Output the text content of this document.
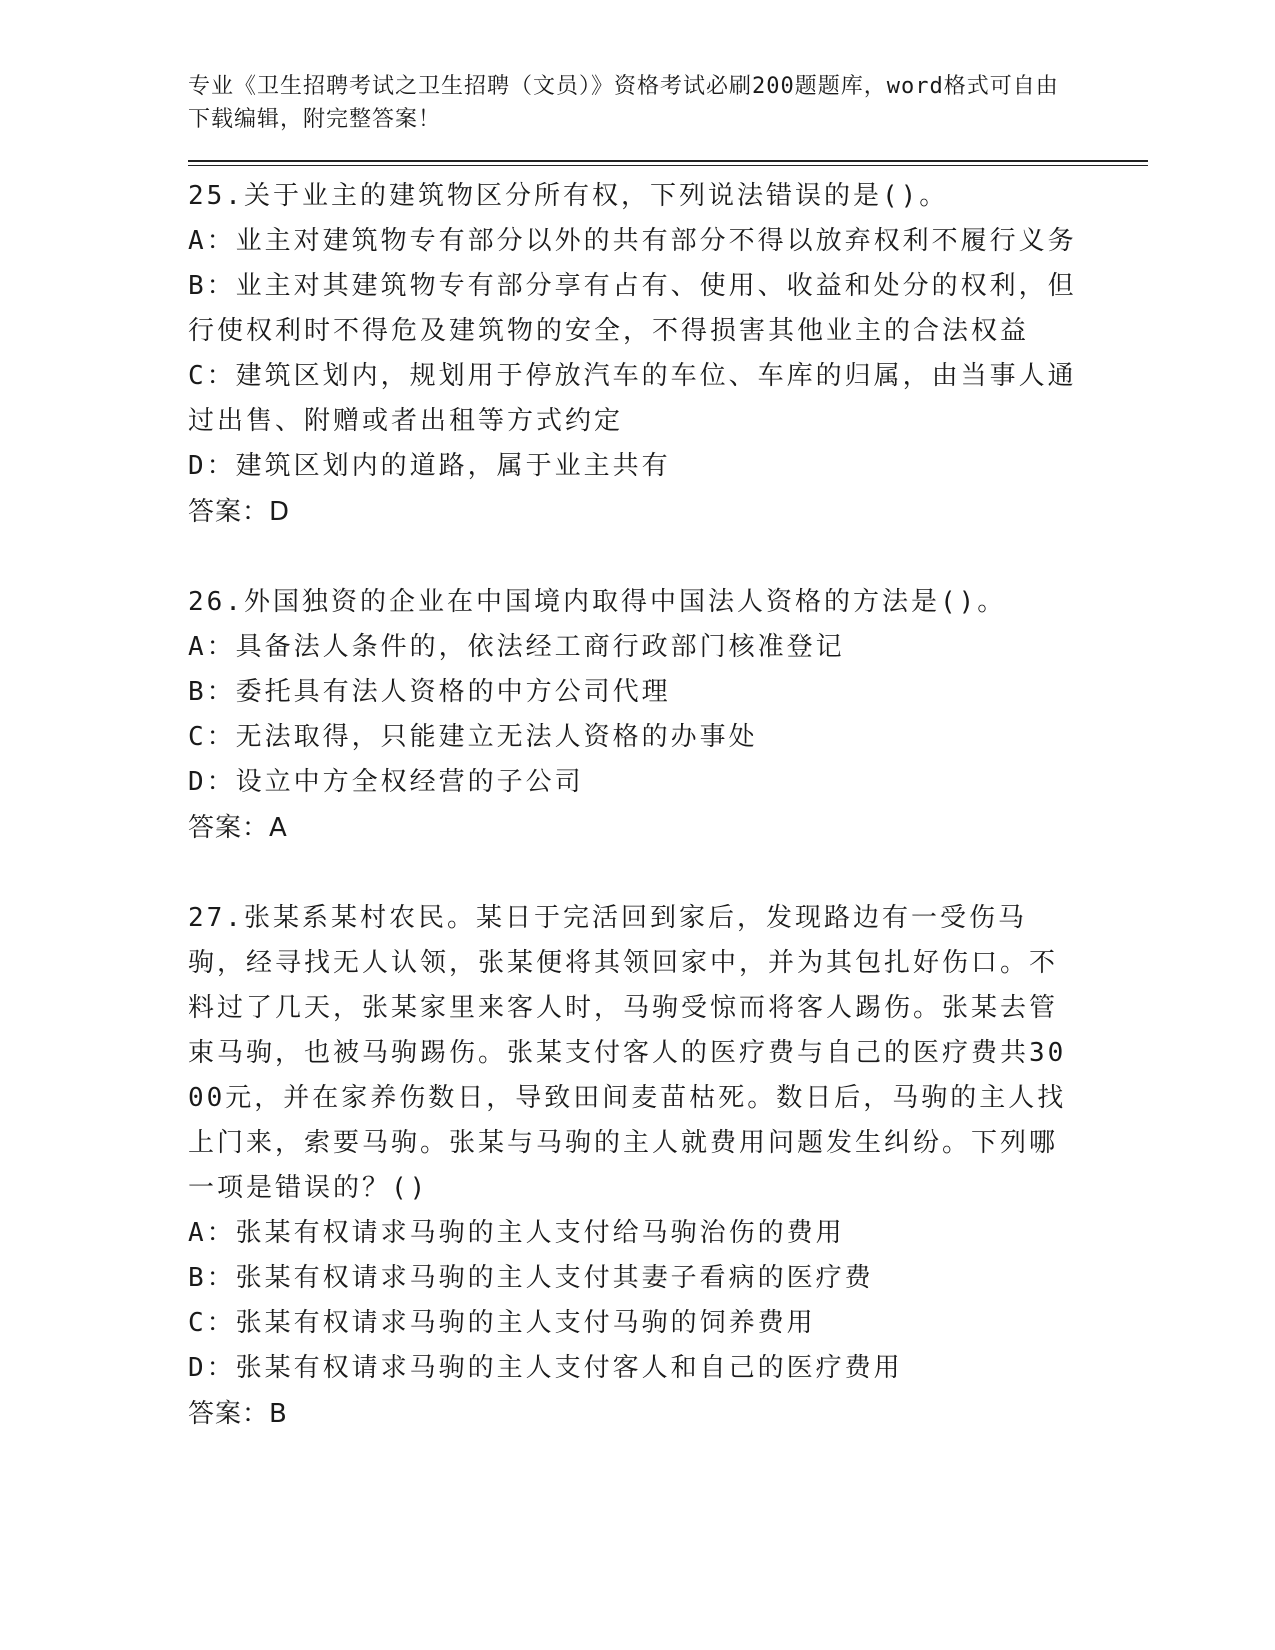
专业《卫生招聘考试之卫生招聘（文员）》资格考试必刷200题题库，word格式可自由下载编辑，附完整答案！
25.关于业主的建筑物区分所有权，下列说法错误的是()。
A：业主对建筑物专有部分以外的共有部分不得以放弃权利不履行义务
B：业主对其建筑物专有部分享有占有、使用、收益和处分的权利，但行使权利时不得危及建筑物的安全，不得损害其他业主的合法权益
C：建筑区划内，规划用于停放汽车的车位、车库的归属，由当事人通过出售、附赠或者出租等方式约定
D：建筑区划内的道路，属于业主共有
答案：D
26.外国独资的企业在中国境内取得中国法人资格的方法是()。
A：具备法人条件的，依法经工商行政部门核准登记
B：委托具有法人资格的中方公司代理
C：无法取得，只能建立无法人资格的办事处
D：设立中方全权经营的子公司
答案：A
27.张某系某村农民。某日于完活回到家后，发现路边有一受伤马驹，经寻找无人认领，张某便将其领回家中，并为其包扎好伤口。不料过了几天，张某家里来客人时，马驹受惊而将客人踢伤。张某去管束马驹，也被马驹踢伤。张某支付客人的医疗费与自己的医疗费共3000元，并在家养伤数日，导致田间麦苗枯死。数日后，马驹的主人找上门来，索要马驹。张某与马驹的主人就费用问题发生纠纷。下列哪一项是错误的？()
A：张某有权请求马驹的主人支付给马驹治伤的费用
B：张某有权请求马驹的主人支付其妻子看病的医疗费
C：张某有权请求马驹的主人支付马驹的饲养费用
D：张某有权请求马驹的主人支付客人和自己的医疗费用
答案：B
